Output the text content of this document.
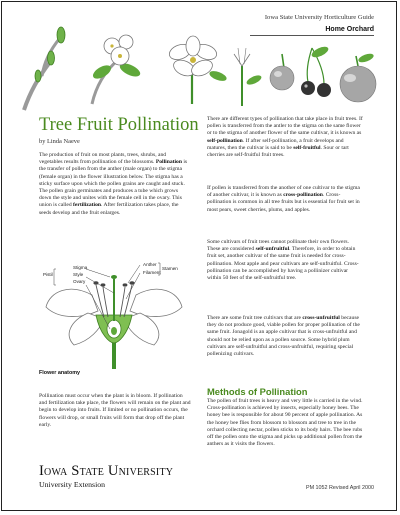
Iowa State University Horticulture Guide
Home Orchard
Tree Fruit Pollination
by Linda Naeve

The production of fruit on most plants, trees, shrubs, and vegetables results from pollination of the blossoms. Pollination is the transfer of pollen from the anther (male organ) to the stigma (female organ) in the flower illustration below. The stigma has a sticky surface upon which the pollen grains are caught and stuck. The pollen grain germinates and produces a tube which grows down the style and unites with the female cell in the ovary. This union is called fertilization. After fertilization takes place, the seeds develop and the fruit enlarges.

Stigma
Style
Ovary
Pistil
Anther
Filament
Stamen
Flower anatomy

Pollination must occur when the plant is in bloom. If pollination and fertilization take place, the flowers will remain on the plant and begin to develop into fruits. If limited or no pollination occurs, the flowers will drop, or small fruits will form that drop off the plant early.

There are different types of pollination that take place in fruit trees. If pollen is transferred from the antler to the stigma on the same flower or to the stigma of another flower of the same cultivar, it is known as self-pollination. If after self-pollination, a fruit develops and matures, then the cultivar is said to be self-fruitful. Sour or tart cherries are self-fruitful fruit trees.

If pollen is transferred from the another of one cultivar to the stigma of another cultivar, it is known as cross-pollination. Cross-pollination is common in all tree fruits but is essential for fruit set in most pears, sweet cherries, plums, and apples.

Some cultivars of fruit trees cannot pollinate their own flowers. These are considered self-unfruitful. Therefore, in order to obtain fruit set, another cultivar of the same fruit is needed for cross-pollination. Most apple and pear cultivars are self-unfruitful. Cross-pollination can be accomplished by having a pollinizer cultivar within 50 feet of the self-unfruitful tree.

There are some fruit tree cultivars that are cross-unfruitful because they do not produce good, viable pollen for proper pollination of the same fruit. Jonagold is an apple cultivar that is cross-unfruitful and should not be relied upon as a pollen source. Some hybrid plum cultivars are self-unfruitful and cross-unfruitful, requiring special pollenizing cultivars.

Methods of Pollination

The pollen of fruit trees is heavy and very little is carried in the wind. Cross-pollination is achieved by insects, especially honey bees. The honey bee is responsible for about 90 percent of apple pollination. As the honey bee flies from blossom to blossom and tree to tree in the orchard collecting nectar, pollen sticks to its body hairs. The bee rubs off the pollen onto the stigma and picks up additional pollen from the anthers as it visits the flowers.

Iowa State University
University Extension	PM 1052 Revised April 2000
